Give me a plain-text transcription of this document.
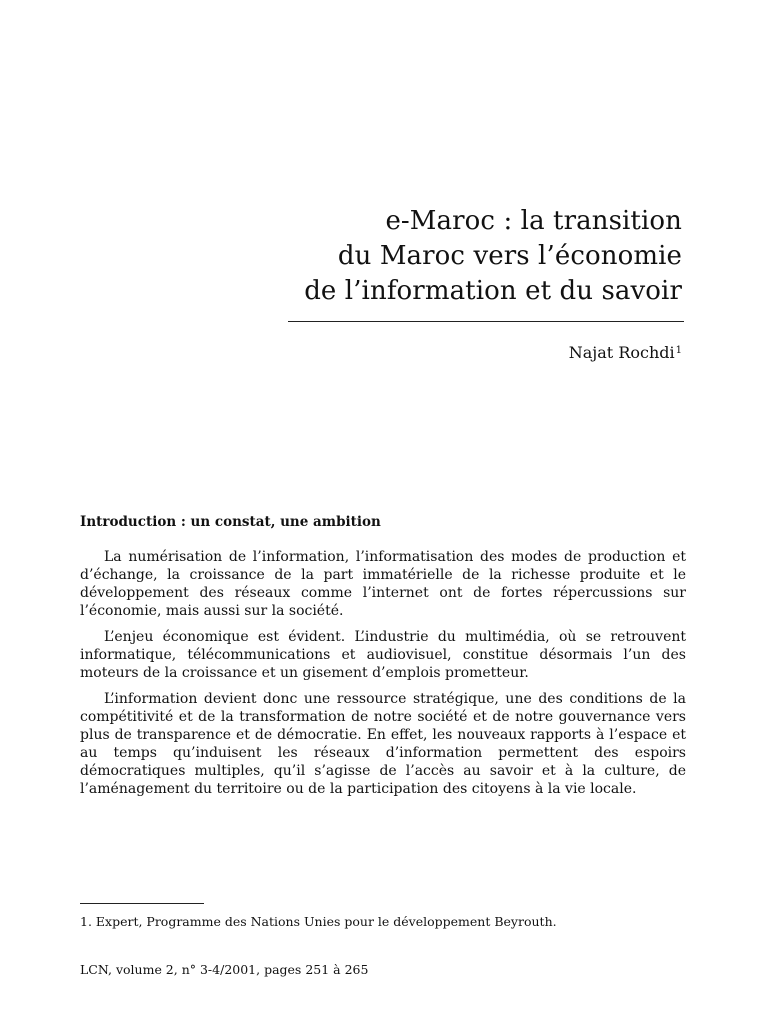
e-Maroc : la transition
du Maroc vers l’économie
de l’information et du savoir
Najat Rochdi$^1$
Introduction : un constat, une ambition

La numérisation de l’information, l’informatisation des modes de production et d’échange, la croissance de la part immatérielle de la richesse produite et le développement des réseaux comme l’internet ont de fortes répercussions sur l’économie, mais aussi sur la société.

L’enjeu économique est évident. L’industrie du multimédia, où se retrouvent informatique, télécommunications et audiovisuel, constitue désormais l’un des moteurs de la croissance et un gisement d’emplois prometteur.

L’information devient donc une ressource stratégique, une des conditions de la compétitivité et de la transformation de notre société et de notre gouvernance vers plus de transparence et de démocratie. En effet, les nouveaux rapports à l’espace et au temps qu’induisent les réseaux d’information permettent des espoirs démocratiques multiples, qu’il s’agisse de l’accès au savoir et à la culture, de l’aménagement du territoire ou de la participation des citoyens à la vie locale.

1. Expert, Programme des Nations Unies pour le développement Beyrouth.
LCN, volume 2, n° 3-4/2001, pages 251 à 265
